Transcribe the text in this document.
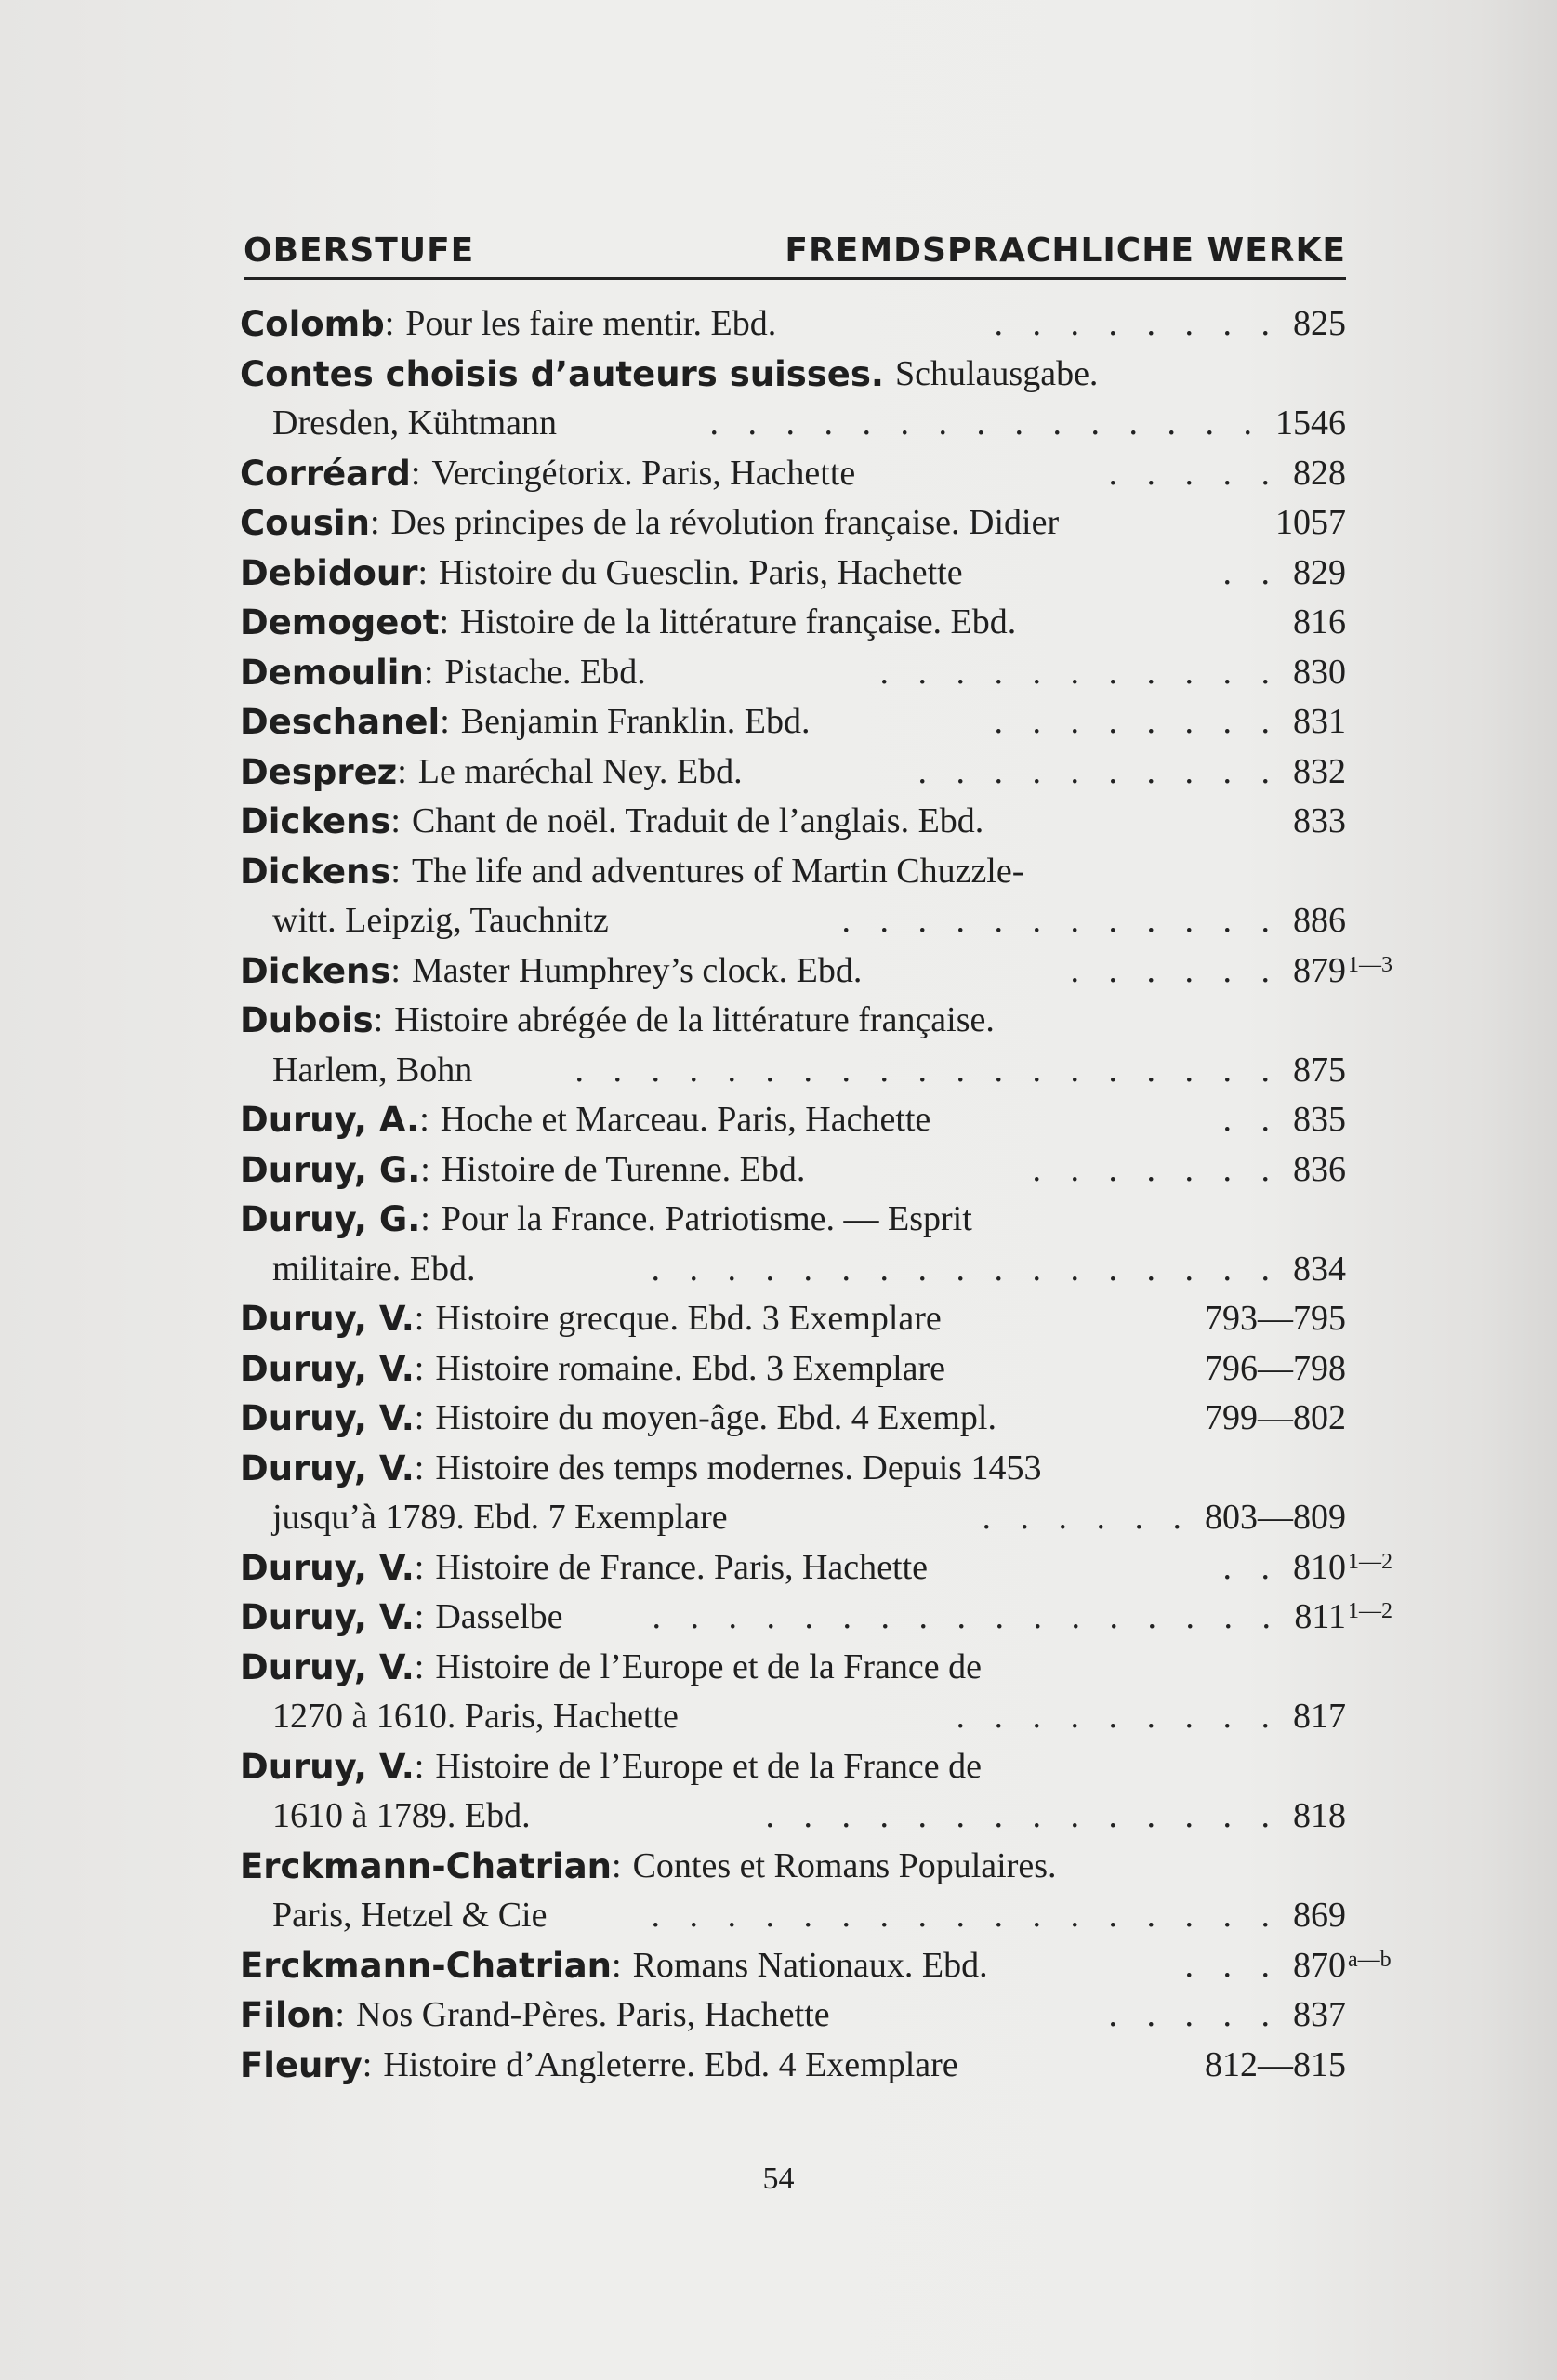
OBERSTUFE	FREMDSPRACHLICHE WERKE
Colomb : Pour les faire mentir. Ebd.	. . . . . . . . 825
Contes choisis d’auteurs suisses. Schulausgabe.
Dresden, Kühtmann	. . . . . . . . . . . . . . . 1546
Corréard : Vercingétorix. Paris, Hachette	. . . . . 828
Cousin : Des principes de la révolution française. Didier	1057
Debidour : Histoire du Guesclin. Paris, Hachette	. . 829
Demogeot : Histoire de la littérature française. Ebd.	816
Demoulin : Pistache. Ebd.	. . . . . . . . . . . 830
Deschanel : Benjamin Franklin. Ebd.	. . . . . . . . 831
Desprez : Le maréchal Ney. Ebd.	. . . . . . . . . . 832
Dickens : Chant de noël. Traduit de l’anglais. Ebd.	833
Dickens : The life and adventures of Martin Chuzzle-
witt. Leipzig, Tauchnitz	. . . . . . . . . . . . 886
Dickens : Master Humphrey’s clock. Ebd.	. . . . . . 879 1—3
Dubois : Histoire abrégée de la littérature française.
Harlem, Bohn	. . . . . . . . . . . . . . . . . . . 875
Duruy, A. : Hoche et Marceau. Paris, Hachette	. . 835
Duruy, G. : Histoire de Turenne. Ebd.	. . . . . . . 836
Duruy, G. : Pour la France. Patriotisme. — Esprit
militaire. Ebd.	. . . . . . . . . . . . . . . . . 834
Duruy, V. : Histoire grecque. Ebd. 3 Exemplare	793—795
Duruy, V. : Histoire romaine. Ebd. 3 Exemplare	796—798
Duruy, V. : Histoire du moyen-âge. Ebd. 4 Exempl.	799—802
Duruy, V. : Histoire des temps modernes. Depuis 1453
jusqu’à 1789. Ebd. 7 Exemplare	. . . . . . 803—809
Duruy, V. : Histoire de France. Paris, Hachette	. . 810 1—2
Duruy, V. : Dasselbe	. . . . . . . . . . . . . . . . . 811 1—2
Duruy, V. : Histoire de l’Europe et de la France de
1270 à 1610. Paris, Hachette	. . . . . . . . . 817
Duruy, V. : Histoire de l’Europe et de la France de
1610 à 1789. Ebd.	. . . . . . . . . . . . . . 818
Erckmann-Chatrian : Contes et Romans Populaires.
Paris, Hetzel & Cie	. . . . . . . . . . . . . . . . . 869
Erckmann-Chatrian : Romans Nationaux. Ebd.	. . . 870 a—b
Filon : Nos Grand-Pères. Paris, Hachette	. . . . . 837
Fleury : Histoire d’Angleterre. Ebd. 4 Exemplare	812—815
54
